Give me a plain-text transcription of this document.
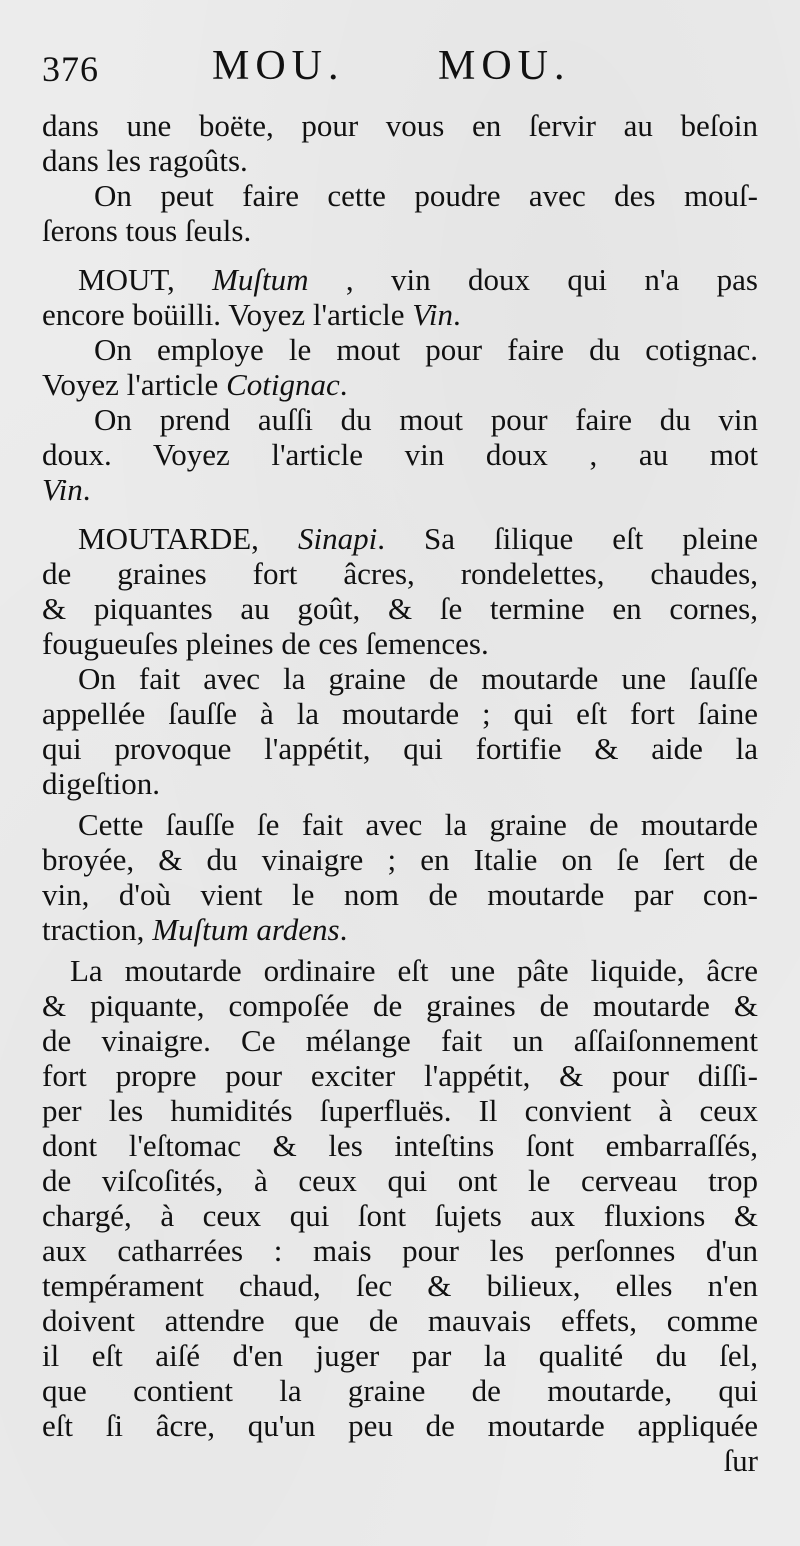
376	MOU. MOU.
dans une boëte, pour vous en ſervir au beſoin
dans les ragoûts.
On peut faire cette poudre avec des mouſ-
ſerons tous ſeuls.
MOUT, Muſtum , vin doux qui n'a pas
encore boüilli. Voyez l'article Vin.
On employe le mout pour faire du cotignac.
Voyez l'article Cotignac.
On prend auſſi du mout pour faire du vin
doux. Voyez l'article vin doux , au mot
Vin.
MOUTARDE, Sinapi. Sa ſilique eſt pleine
de graines fort âcres, rondelettes, chaudes,
& piquantes au goût, & ſe termine en cornes,
fougueuſes pleines de ces ſemences.
On fait avec la graine de moutarde une ſauſſe
appellée ſauſſe à la moutarde ; qui eſt fort ſaine
qui provoque l'appétit, qui fortifie & aide la
digeſtion.
Cette ſauſſe ſe fait avec la graine de moutarde
broyée, & du vinaigre ; en Italie on ſe ſert de
vin, d'où vient le nom de moutarde par con-
traction, Muſtum ardens.
La moutarde ordinaire eſt une pâte liquide, âcre
& piquante, compoſée de graines de moutarde &
de vinaigre. Ce mélange fait un aſſaiſonnement
fort propre pour exciter l'appétit, & pour diſſi-
per les humidités ſuperfluës. Il convient à ceux
dont l'eſtomac & les inteſtins ſont embarraſſés,
de viſcoſités, à ceux qui ont le cerveau trop
chargé, à ceux qui ſont ſujets aux fluxions &
aux catharrées : mais pour les perſonnes d'un
tempérament chaud, ſec & bilieux, elles n'en
doivent attendre que de mauvais effets, comme
il eſt aiſé d'en juger par la qualité du ſel,
que contient la graine de moutarde, qui
eſt ſi âcre, qu'un peu de moutarde appliquée
ſur
